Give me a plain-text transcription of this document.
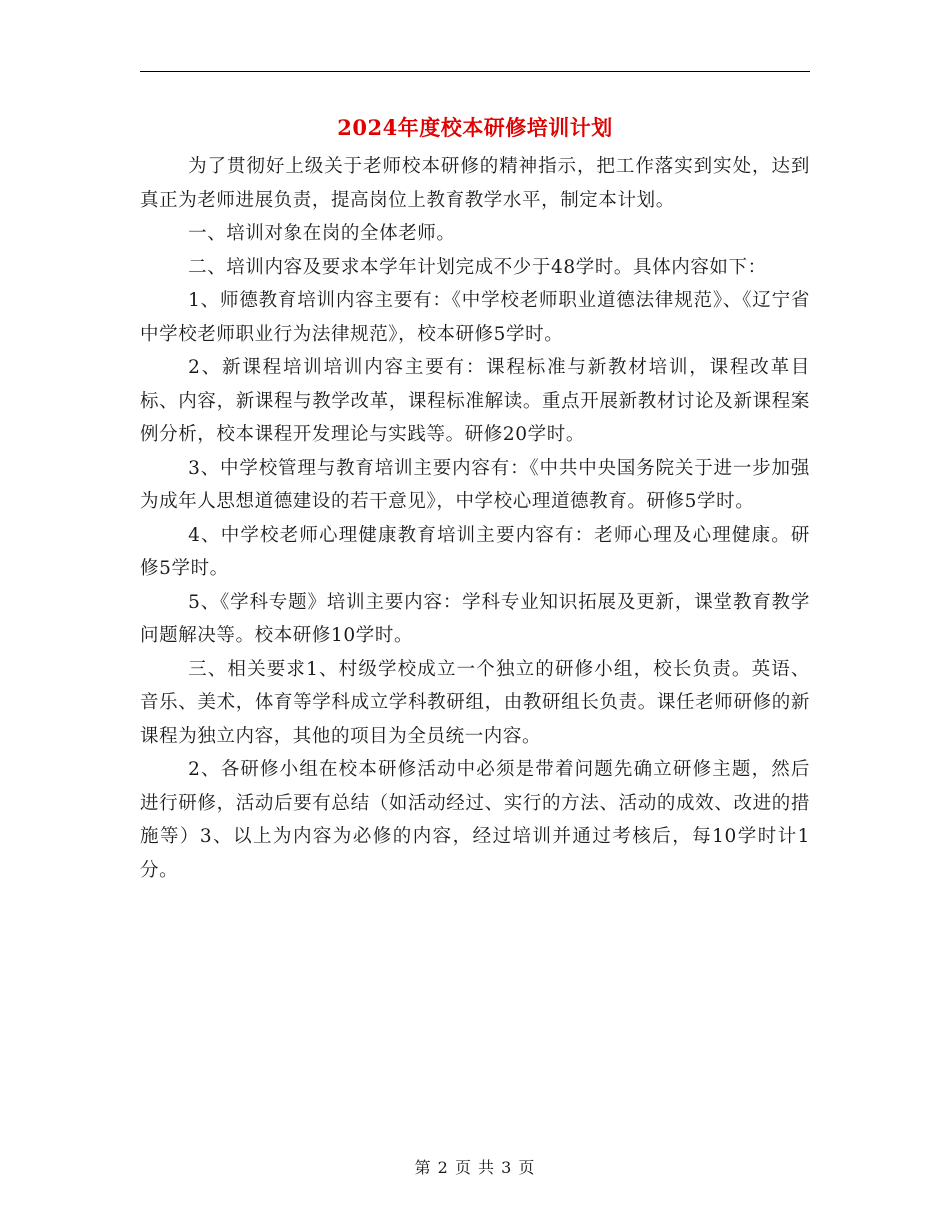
2024年度校本研修培训计划

为了贯彻好上级关于老师校本研修的精神指示，把工作落实到实处，达到真正为老师进展负责，提高岗位上教育教学水平，制定本计划。

一、培训对象在岗的全体老师。

二、培训内容及要求本学年计划完成不少于48学时。具体内容如下：

1、师德教育培训内容主要有：《中学校老师职业道德法律规范》、《辽宁省中学校老师职业行为法律规范》，校本研修5学时。

2、新课程培训培训内容主要有：课程标准与新教材培训，课程改革目标、内容，新课程与教学改革，课程标准解读。重点开展新教材讨论及新课程案例分析，校本课程开发理论与实践等。研修20学时。

3、中学校管理与教育培训主要内容有：《中共中央国务院关于进一步加强为成年人思想道德建设的若干意见》，中学校心理道德教育。研修5学时。

4、中学校老师心理健康教育培训主要内容有：老师心理及心理健康。研修5学时。

5、《学科专题》培训主要内容：学科专业知识拓展及更新，课堂教育教学问题解决等。校本研修10学时。

三、相关要求1、村级学校成立一个独立的研修小组，校长负责。英语、音乐、美术，体育等学科成立学科教研组，由教研组长负责。课任老师研修的新课程为独立内容，其他的项目为全员统一内容。

2、各研修小组在校本研修活动中必须是带着问题先确立研修主题，然后进行研修，活动后要有总结（如活动经过、实行的方法、活动的成效、改进的措施等）3、以上为内容为必修的内容，经过培训并通过考核后，每10学时计1分。

第 2 页 共 3 页
